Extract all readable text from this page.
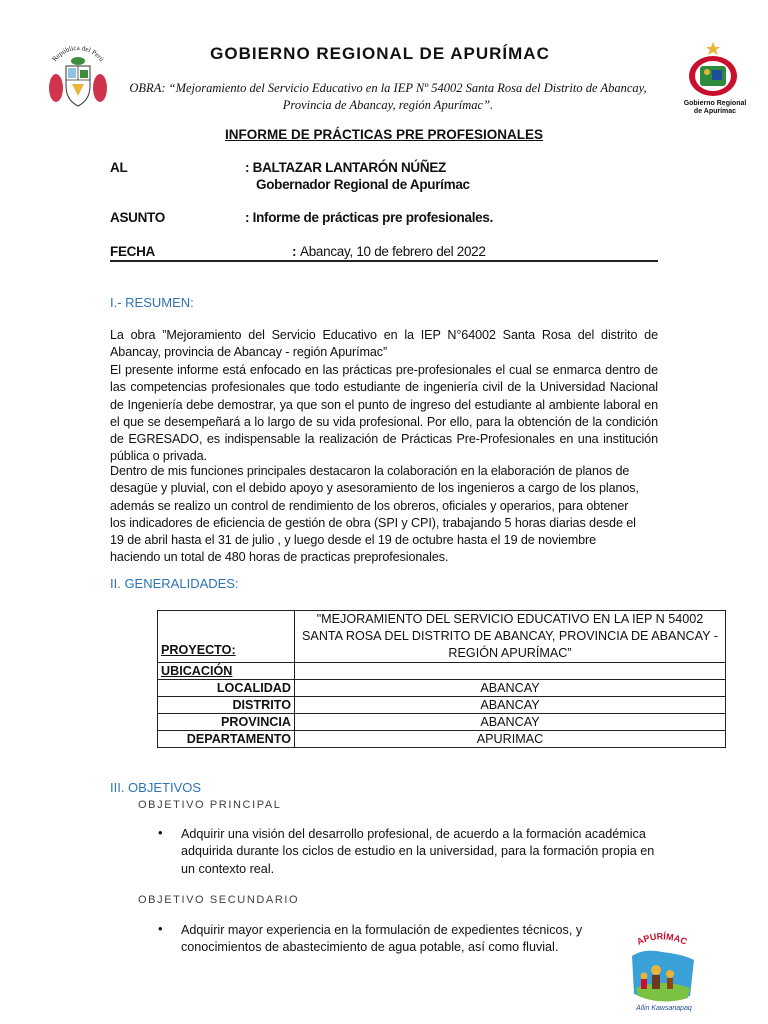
República del Perú	GOBIERNO REGIONAL DE APURÍMAC
OBRA: “Mejoramiento del Servicio Educativo en la IEP Nº 54002 Santa Rosa del Distrito de Abancay,
Provincia de Abancay, región Apurímac”.	Gobierno Regional
de Apurímac
INFORME DE PRÁCTICAS PRE PROFESIONALES
AL	: BALTAZAR LANTARÓN NÚÑEZ
Gobernador Regional de Apurímac
ASUNTO	: Informe de prácticas pre profesionales.
FECHA	: Abancay, 10 de febrero del 2022
I.- RESUMEN:
La obra ”Mejoramiento del Servicio Educativo en la IEP N°64002 Santa Rosa del distrito de Abancay, provincia de Abancay - región Apurímac”
El presente informe está enfocado en las prácticas pre-profesionales el cual se enmarca dentro de las competencias profesionales que todo estudiante de ingeniería civil de la Universidad Nacional de Ingeniería debe demostrar, ya que son el punto de ingreso del estudiante al ambiente laboral en el que se desempeñará a lo largo de su vida profesional. Por ello, para la obtención de la condición de EGRESADO, es indispensable la realización de Prácticas Pre-Profesionales en una institución pública o privada.
Dentro de mis funciones principales destacaron la colaboración en la elaboración de planos de
desagüe y pluvial, con el debido apoyo y asesoramiento de los ingenieros a cargo de los planos,
además se realizo un control de rendimiento de los obreros, oficiales y operarios, para obtener
los indicadores de eficiencia de gestión de obra (SPI y CPI), trabajando 5 horas diarias desde el
19 de abril hasta el 31 de julio , y luego desde el 19 de octubre hasta el 19 de noviembre
haciendo un total de 480 horas de practicas preprofesionales.
II. GENERALIDADES:
PROYECTO:	"MEJORAMIENTO DEL SERVICIO EDUCATIVO EN LA IEP N 54002 SANTA ROSA DEL DISTRITO DE ABANCAY, PROVINCIA DE ABANCAY - REGIÓN APURÍMAC”
UBICACIÓN	
LOCALIDAD	ABANCAY
DISTRITO	ABANCAY
PROVINCIA	ABANCAY
DEPARTAMENTO	APURIMAC
III. OBJETIVOS
OBJETIVO PRINCIPAL
• Adquirir una visión del desarrollo profesional, de acuerdo a la formación académica adquirida durante los ciclos de estudio en la universidad, para la formación propia en un contexto real.
OBJETIVO SECUNDARIO
• Adquirir mayor experiencia en la formulación de expedientes técnicos, y conocimientos de abastecimiento de agua potable, así como fluvial.	APURÍMAC
Allin Kawsanapaq
